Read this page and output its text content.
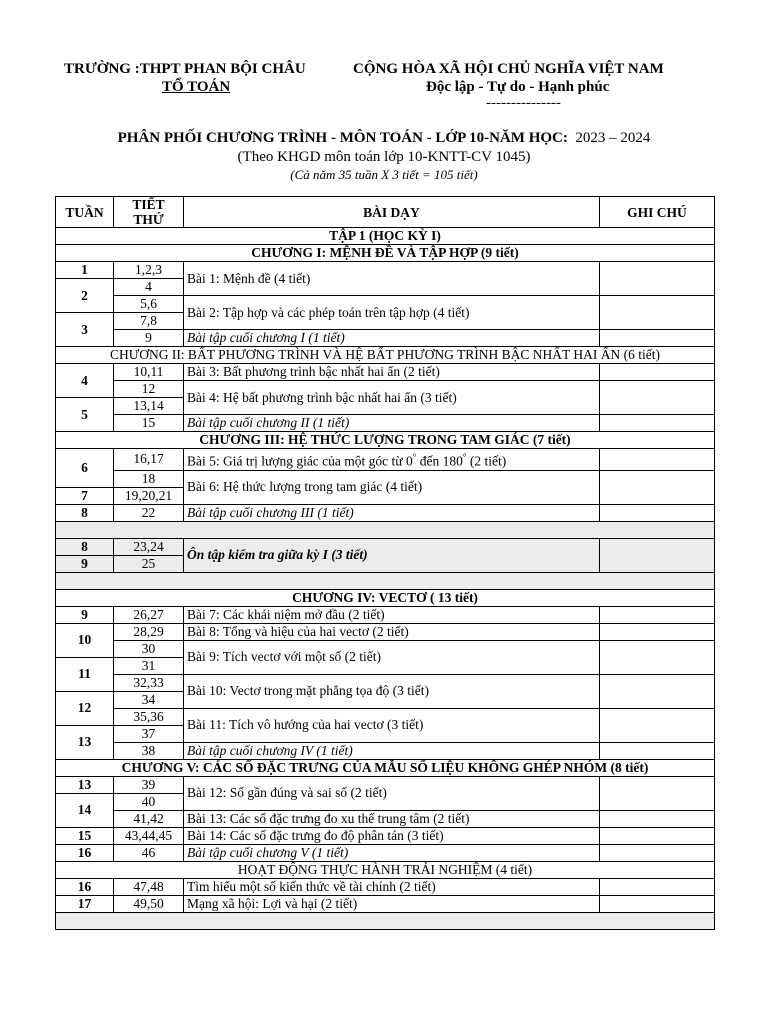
TRƯỜNG :THPT PHAN BỘI CHÂU
TỔ TOÁN
CỘNG HÒA XÃ HỘI CHỦ NGHĨA VIỆT NAM
Độc lập - Tự do - Hạnh phúc
---------------
PHÂN PHỐI CHƯƠNG TRÌNH - MÔN TOÁN - LỚP 10-NĂM HỌC: 2023 – 2024
(Theo KHGD môn toán lớp 10-KNTT-CV 1045)
(Cả năm 35 tuần X 3 tiết = 105 tiết)
TUẦN	TIẾT
THỨ	BÀI DẠY	GHI CHÚ
TẬP 1 (HỌC KỲ I)			
CHƯƠNG I: MỆNH ĐỀ VÀ TẬP HỢP (9 tiết)			
1	1,2,3	Bài 1: Mệnh đề (4 tiết)	
2	4		
	5,6	Bài 2: Tập hợp và các phép toán trên tập hợp (4 tiết)	
3	7,8		
	9	Bài tập cuối chương I (1 tiết)	
CHƯƠNG II: BẤT PHƯƠNG TRÌNH VÀ HỆ BẤT PHƯƠNG TRÌNH BẬC NHẤT HAI ẨN (6 tiết)			
4	10,11	Bài 3: Bất phương trình bậc nhất hai ẩn (2 tiết)	
	12	Bài 4: Hệ bất phương trình bậc nhất hai ẩn (3 tiết)	
5	13,14		
	15	Bài tập cuối chương II (1 tiết)	
CHƯƠNG III: HỆ THỨC LƯỢNG TRONG TAM GIÁC (7 tiết)			
6	16,17	Bài 5: Giá trị lượng giác của một góc từ 0° đến 180° (2 tiết)	
	18	Bài 6: Hệ thức lượng trong tam giác (4 tiết)	
7	19,20,21		
8	22	Bài tập cuối chương III (1 tiết)	

8	23,24	Ôn tập kiểm tra giữa kỳ I (3 tiết)	
9	25		

CHƯƠNG IV: VECTƠ ( 13 tiết)			
9	26,27	Bài 7: Các khái niệm mở đầu (2 tiết)	
10	28,29	Bài 8: Tổng và hiệu của hai vectơ (2 tiết)	
	30	Bài 9: Tích vectơ với một số (2 tiết)	
11	31		
	32,33	Bài 10: Vectơ trong mặt phẳng tọa độ (3 tiết)	
12	34		
	35,36	Bài 11: Tích vô hướng của hai vectơ (3 tiết)	
13	37		
	38	Bài tập cuối chương IV (1 tiết)	
CHƯƠNG V: CÁC SỐ ĐẶC TRƯNG CỦA MẪU SỐ LIỆU KHÔNG GHÉP NHÓM (8 tiết)			
13	39	Bài 12: Số gần đúng và sai số (2 tiết)	
14	40		
	41,42	Bài 13: Các số đặc trưng đo xu thế trung tâm (2 tiết)	
15	43,44,45	Bài 14: Các số đặc trưng đo độ phân tán (3 tiết)	
16	46	Bài tập cuối chương V (1 tiết)	
HOẠT ĐỘNG THỰC HÀNH TRẢI NGHIỆM (4 tiết)			
16	47,48	Tìm hiểu một số kiến thức về tài chính (2 tiết)	
17	49,50	Mạng xã hội: Lợi và hại (2 tiết)	
